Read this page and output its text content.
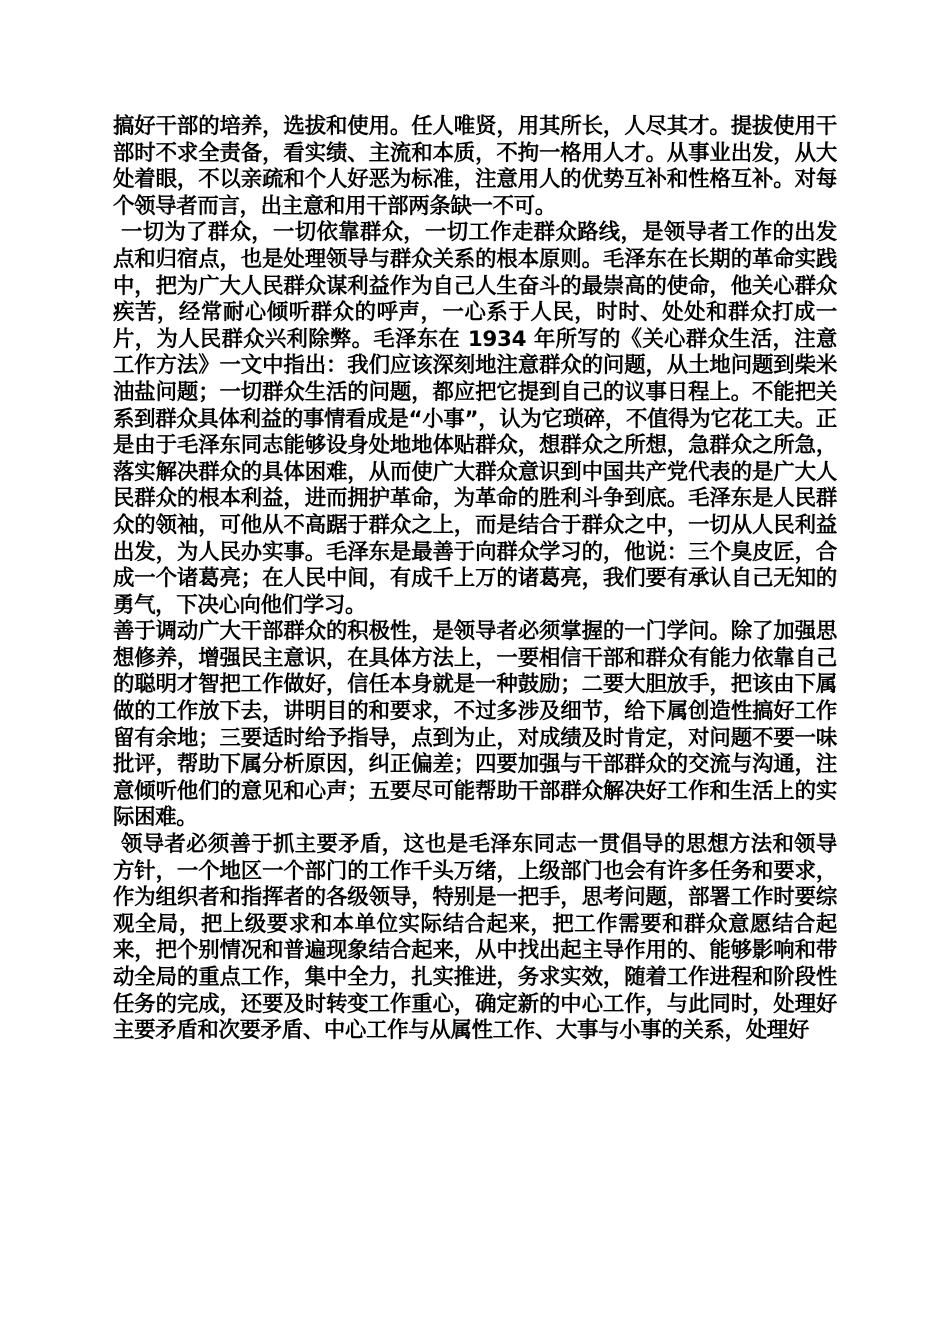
搞好干部的培养，选拔和使用。任人唯贤，用其所长，人尽其才。提拔使用干部时不求全责备，看实绩、主流和本质，不拘一格用人才。从事业出发，从大处着眼，不以亲疏和个人好恶为标准，注意用人的优势互补和性格互补。对每个领导者而言，出主意和用干部两条缺一不可。

一切为了群众，一切依靠群众，一切工作走群众路线，是领导者工作的出发点和归宿点，也是处理领导与群众关系的根本原则。毛泽东在长期的革命实践中，把为广大人民群众谋利益作为自己人生奋斗的最崇高的使命，他关心群众疾苦，经常耐心倾听群众的呼声，一心系于人民，时时、处处和群众打成一片，为人民群众兴利除弊。毛泽东在 1934 年所写的《关心群众生活，注意工作方法》一文中指出：我们应该深刻地注意群众的问题，从土地问题到柴米油盐问题；一切群众生活的问题，都应把它提到自己的议事日程上。不能把关系到群众具体利益的事情看成是“小事”，认为它琐碎，不值得为它花工夫。正是由于毛泽东同志能够设身处地地体贴群众，想群众之所想，急群众之所急，落实解决群众的具体困难，从而使广大群众意识到中国共产党代表的是广大人民群众的根本利益，进而拥护革命，为革命的胜利斗争到底。毛泽东是人民群众的领袖，可他从不高踞于群众之上，而是结合于群众之中，一切从人民利益出发，为人民办实事。毛泽东是最善于向群众学习的，他说：三个臭皮匠，合成一个诸葛亮；在人民中间，有成千上万的诸葛亮，我们要有承认自己无知的勇气，下决心向他们学习。

善于调动广大干部群众的积极性，是领导者必须掌握的一门学问。除了加强思想修养，增强民主意识，在具体方法上，一要相信干部和群众有能力依靠自己的聪明才智把工作做好，信任本身就是一种鼓励；二要大胆放手，把该由下属做的工作放下去，讲明目的和要求，不过多涉及细节，给下属创造性搞好工作留有余地；三要适时给予指导，点到为止，对成绩及时肯定，对问题不要一味批评，帮助下属分析原因，纠正偏差；四要加强与干部群众的交流与沟通，注意倾听他们的意见和心声；五要尽可能帮助干部群众解决好工作和生活上的实际困难。

领导者必须善于抓主要矛盾，这也是毛泽东同志一贯倡导的思想方法和领导方针，一个地区一个部门的工作千头万绪，上级部门也会有许多任务和要求，作为组织者和指挥者的各级领导，特别是一把手，思考问题，部署工作时要综观全局，把上级要求和本单位实际结合起来，把工作需要和群众意愿结合起来，把个别情况和普遍现象结合起来，从中找出起主导作用的、能够影响和带动全局的重点工作，集中全力，扎实推进，务求实效，随着工作进程和阶段性任务的完成，还要及时转变工作重心，确定新的中心工作，与此同时，处理好主要矛盾和次要矛盾、中心工作与从属性工作、大事与小事的关系，处理好
